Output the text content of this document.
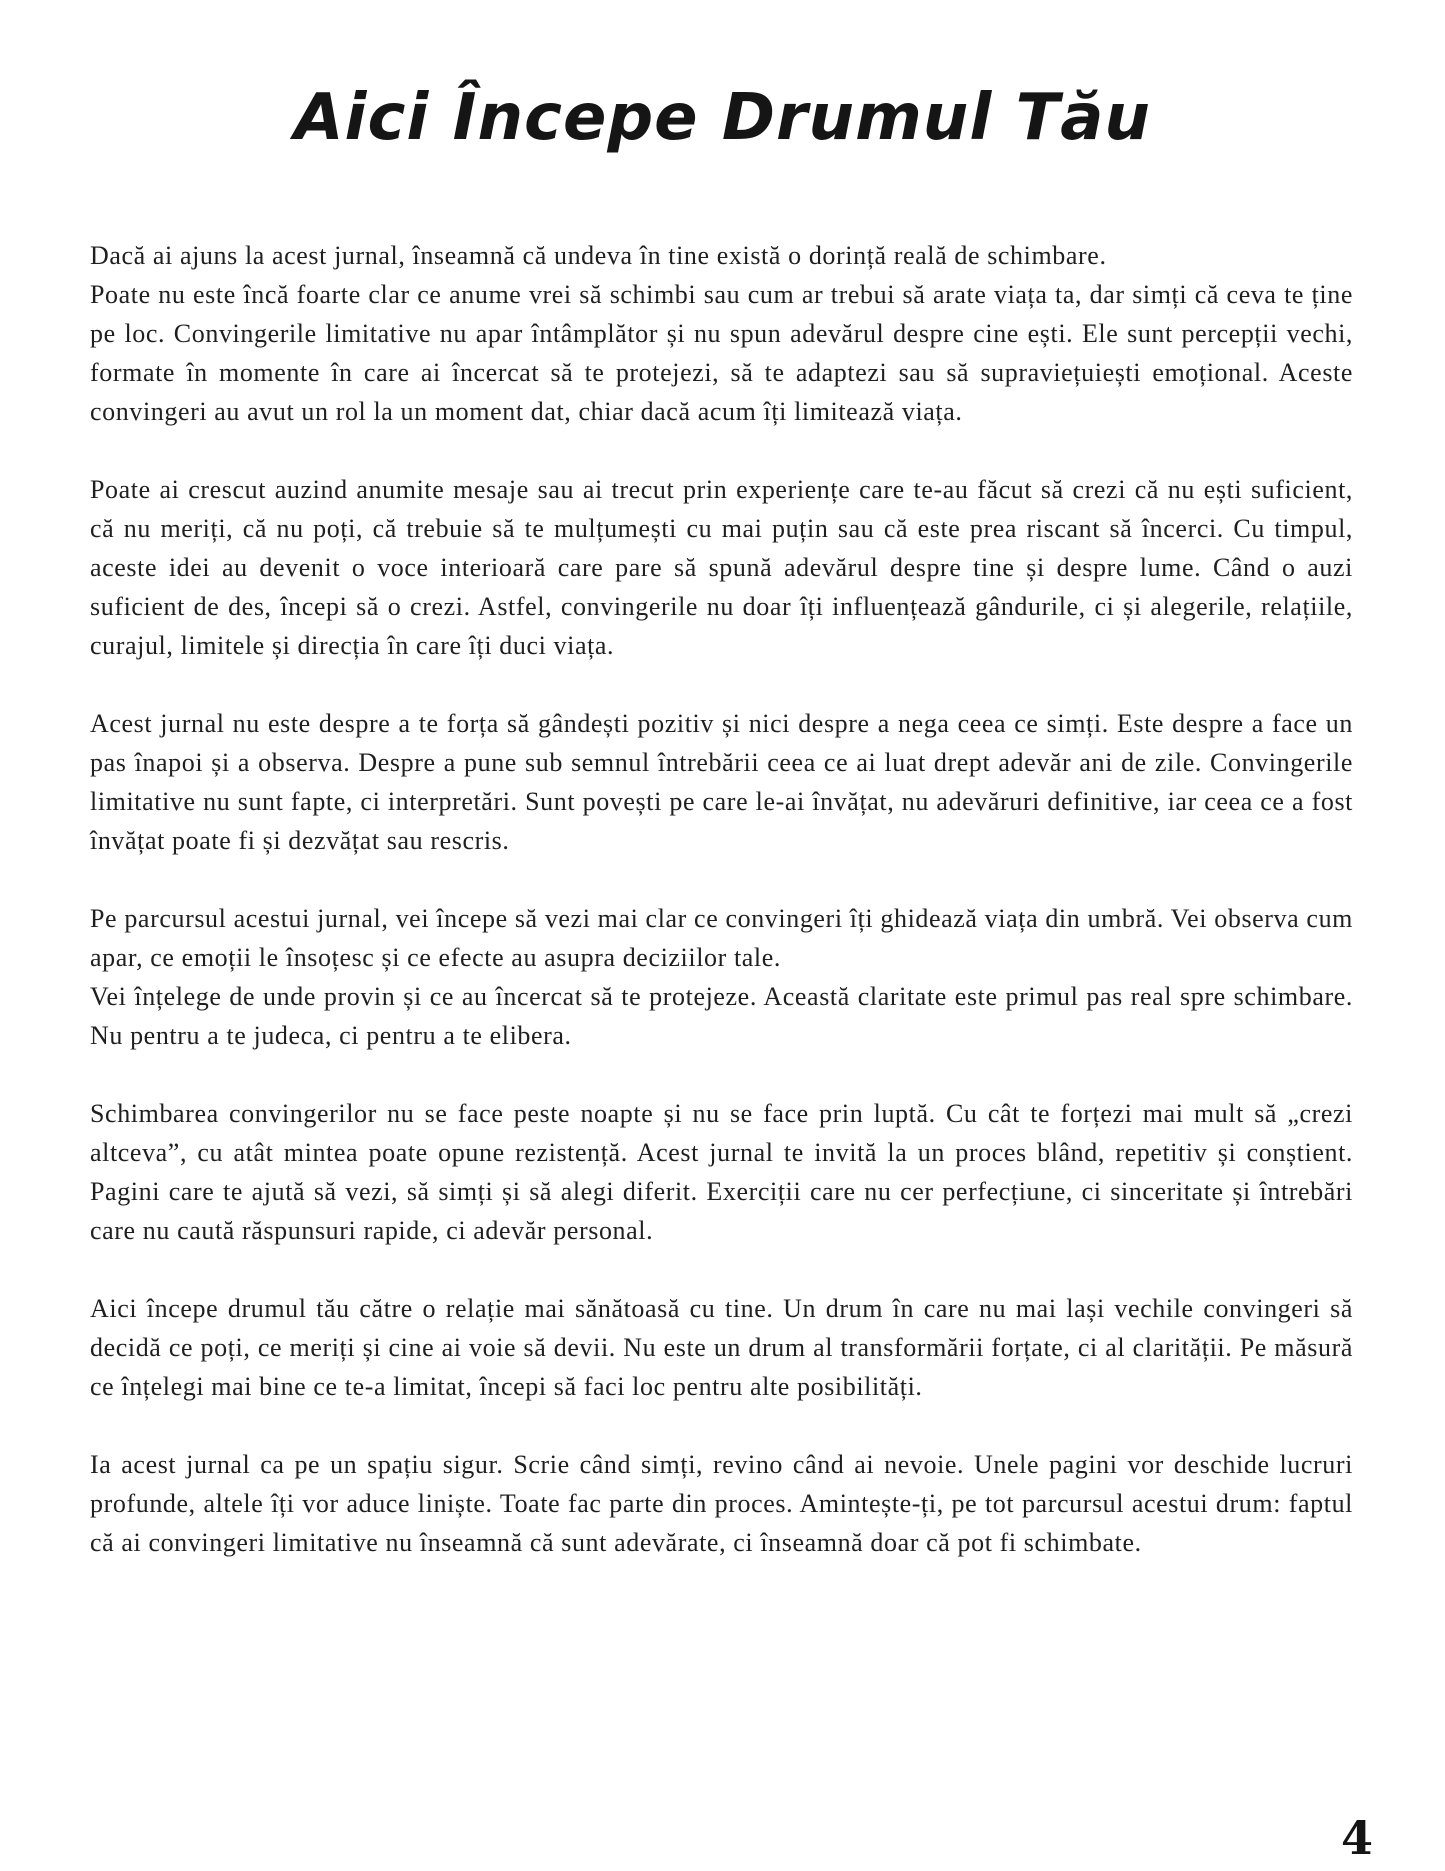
Aici Începe Drumul Tău

Dacă ai ajuns la acest jurnal, înseamnă că undeva în tine există o dorință reală de schimbare.
Poate nu este încă foarte clar ce anume vrei să schimbi sau cum ar trebui să arate viața ta, dar simți că ceva te ține pe loc. Convingerile limitative nu apar întâmplător și nu spun adevărul despre cine ești. Ele sunt percepții vechi, formate în momente în care ai încercat să te protejezi, să te adaptezi sau să supraviețuiești emoțional. Aceste convingeri au avut un rol la un moment dat, chiar dacă acum îți limitează viața.

Poate ai crescut auzind anumite mesaje sau ai trecut prin experiențe care te-au făcut să crezi că nu ești suficient, că nu meriți, că nu poți, că trebuie să te mulțumești cu mai puțin sau că este prea riscant să încerci. Cu timpul, aceste idei au devenit o voce interioară care pare să spună adevărul despre tine și despre lume. Când o auzi suficient de des, începi să o crezi. Astfel, convingerile nu doar îți influențează gândurile, ci și alegerile, relațiile, curajul, limitele și direcția în care îți duci viața.

Acest jurnal nu este despre a te forța să gândești pozitiv și nici despre a nega ceea ce simți. Este despre a face un pas înapoi și a observa. Despre a pune sub semnul întrebării ceea ce ai luat drept adevăr ani de zile. Convingerile limitative nu sunt fapte, ci interpretări. Sunt povești pe care le-ai învățat, nu adevăruri definitive, iar ceea ce a fost învățat poate fi și dezvățat sau rescris.

Pe parcursul acestui jurnal, vei începe să vezi mai clar ce convingeri îți ghidează viața din umbră. Vei observa cum apar, ce emoții le însoțesc și ce efecte au asupra deciziilor tale.
Vei înțelege de unde provin și ce au încercat să te protejeze. Această claritate este primul pas real spre schimbare. Nu pentru a te judeca, ci pentru a te elibera.

Schimbarea convingerilor nu se face peste noapte și nu se face prin luptă. Cu cât te forțezi mai mult să „crezi altceva”, cu atât mintea poate opune rezistență. Acest jurnal te invită la un proces blând, repetitiv și conștient. Pagini care te ajută să vezi, să simți și să alegi diferit. Exerciții care nu cer perfecțiune, ci sinceritate și întrebări care nu caută răspunsuri rapide, ci adevăr personal.

Aici începe drumul tău către o relație mai sănătoasă cu tine. Un drum în care nu mai lași vechile convingeri să decidă ce poți, ce meriți și cine ai voie să devii. Nu este un drum al transformării forțate, ci al clarității. Pe măsură ce înțelegi mai bine ce te-a limitat, începi să faci loc pentru alte posibilități.

Ia acest jurnal ca pe un spațiu sigur. Scrie când simți, revino când ai nevoie. Unele pagini vor deschide lucruri profunde, altele îți vor aduce liniște. Toate fac parte din proces. Amintește-ți, pe tot parcursul acestui drum: faptul că ai convingeri limitative nu înseamnă că sunt adevărate, ci înseamnă doar că pot fi schimbate.

4
